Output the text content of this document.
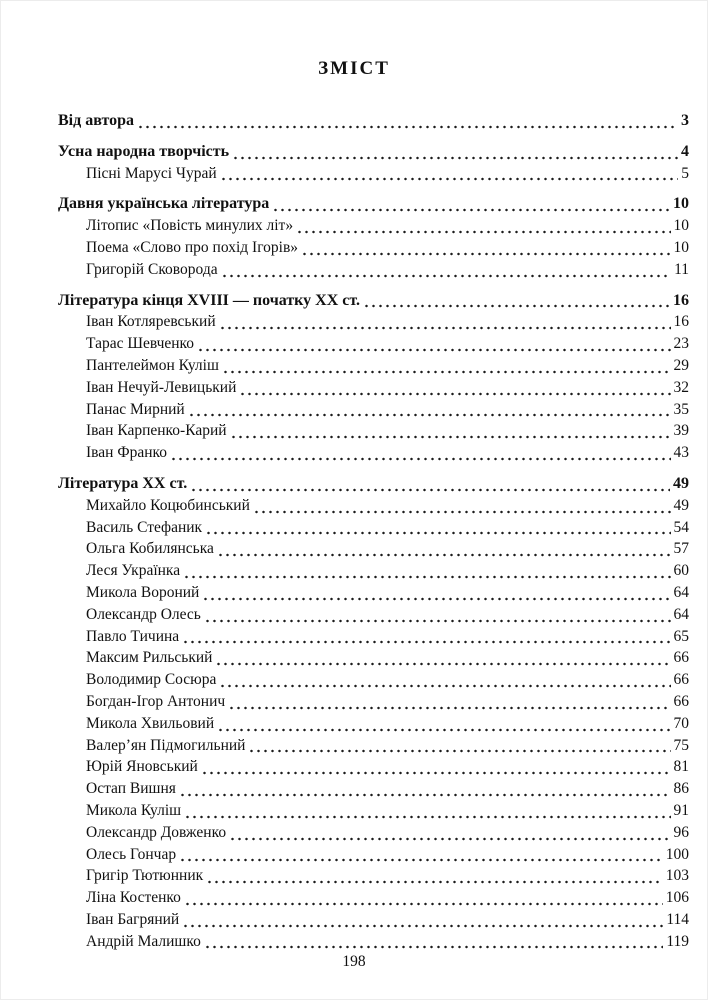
ЗМІСТ
Від автора	3
Усна народна творчість	4
Пісні Марусі Чурай	5
Давня українська література	10
Літопис «Повість минулих літ»	10
Поема «Слово про похід Ігорів»	10
Григорій Сковорода	11
Література кінця XVIII — початку XX ст.	16
Іван Котляревський	16
Тарас Шевченко	23
Пантелеймон Куліш	29
Іван Нечуй-Левицький	32
Панас Мирний	35
Іван Карпенко-Карий	39
Іван Франко	43
Література XX ст.	49
Михайло Коцюбинський	49
Василь Стефаник	54
Ольга Кобилянська	57
Леся Українка	60
Микола Вороний	64
Олександр Олесь	64
Павло Тичина	65
Максим Рильський	66
Володимир Сосюра	66
Богдан-Ігор Антонич	66
Микола Хвильовий	70
Валер’ян Підмогильний	75
Юрій Яновський	81
Остап Вишня	86
Микола Куліш	91
Олександр Довженко	96
Олесь Гончар	100
Григір Тютюнник	103
Ліна Костенко	106
Іван Багряний	114
Андрій Малишко	119
198
